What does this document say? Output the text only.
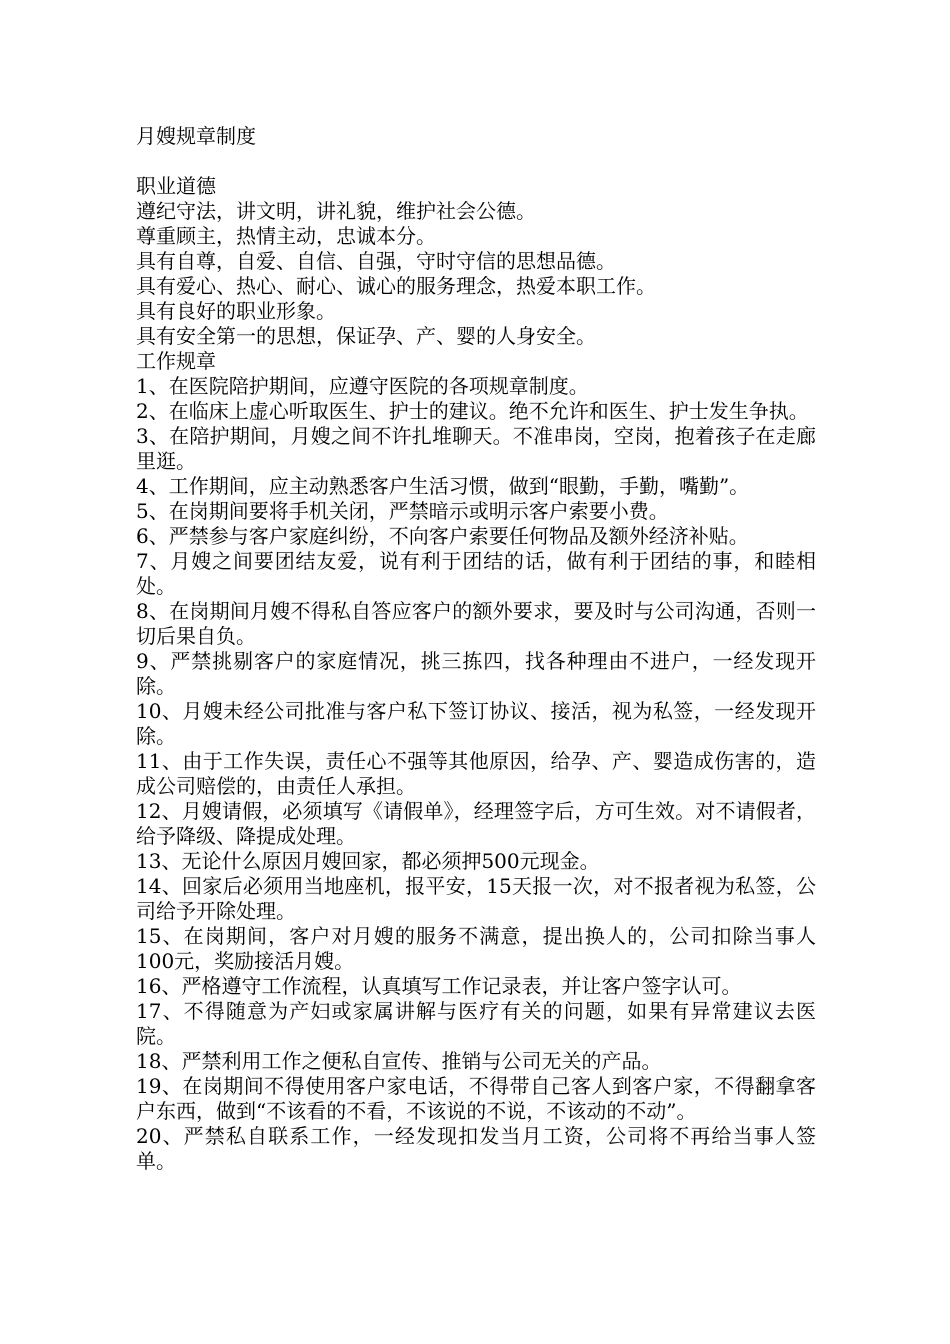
月嫂规章制度

职业道德

遵纪守法，讲文明，讲礼貌，维护社会公德。

尊重顾主，热情主动，忠诚本分。

具有自尊，自爱、自信、自强，守时守信的思想品德。

具有爱心、热心、耐心、诚心的服务理念，热爱本职工作。

具有良好的职业形象。

具有安全第一的思想，保证孕、产、婴的人身安全。

工作规章

1、在医院陪护期间，应遵守医院的各项规章制度。

2、在临床上虚心听取医生、护士的建议。绝不允许和医生、护士发生争执。

3、在陪护期间，月嫂之间不许扎堆聊天。不准串岗，空岗，抱着孩子在走廊里逛。

4、工作期间，应主动熟悉客户生活习惯，做到“眼勤，手勤，嘴勤”。

5、在岗期间要将手机关闭，严禁暗示或明示客户索要小费。

6、严禁参与客户家庭纠纷，不向客户索要任何物品及额外经济补贴。

7、月嫂之间要团结友爱，说有利于团结的话，做有利于团结的事，和睦相处。

8、在岗期间月嫂不得私自答应客户的额外要求，要及时与公司沟通，否则一切后果自负。

9、严禁挑剔客户的家庭情况，挑三拣四，找各种理由不进户，一经发现开除。

10、月嫂未经公司批准与客户私下签订协议、接活，视为私签，一经发现开除。

11、由于工作失误，责任心不强等其他原因，给孕、产、婴造成伤害的，造成公司赔偿的，由责任人承担。

12、月嫂请假，必须填写《请假单》，经理签字后，方可生效。对不请假者，给予降级、降提成处理。

13、无论什么原因月嫂回家，都必须押500元现金。

14、回家后必须用当地座机，报平安，15天报一次，对不报者视为私签，公司给予开除处理。

15、在岗期间，客户对月嫂的服务不满意，提出换人的，公司扣除当事人100元，奖励接活月嫂。

16、严格遵守工作流程，认真填写工作记录表，并让客户签字认可。

17、不得随意为产妇或家属讲解与医疗有关的问题，如果有异常建议去医院。

18、严禁利用工作之便私自宣传、推销与公司无关的产品。

19、在岗期间不得使用客户家电话，不得带自己客人到客户家，不得翻拿客户东西，做到“不该看的不看，不该说的不说，不该动的不动”。

20、严禁私自联系工作，一经发现扣发当月工资，公司将不再给当事人签单。
